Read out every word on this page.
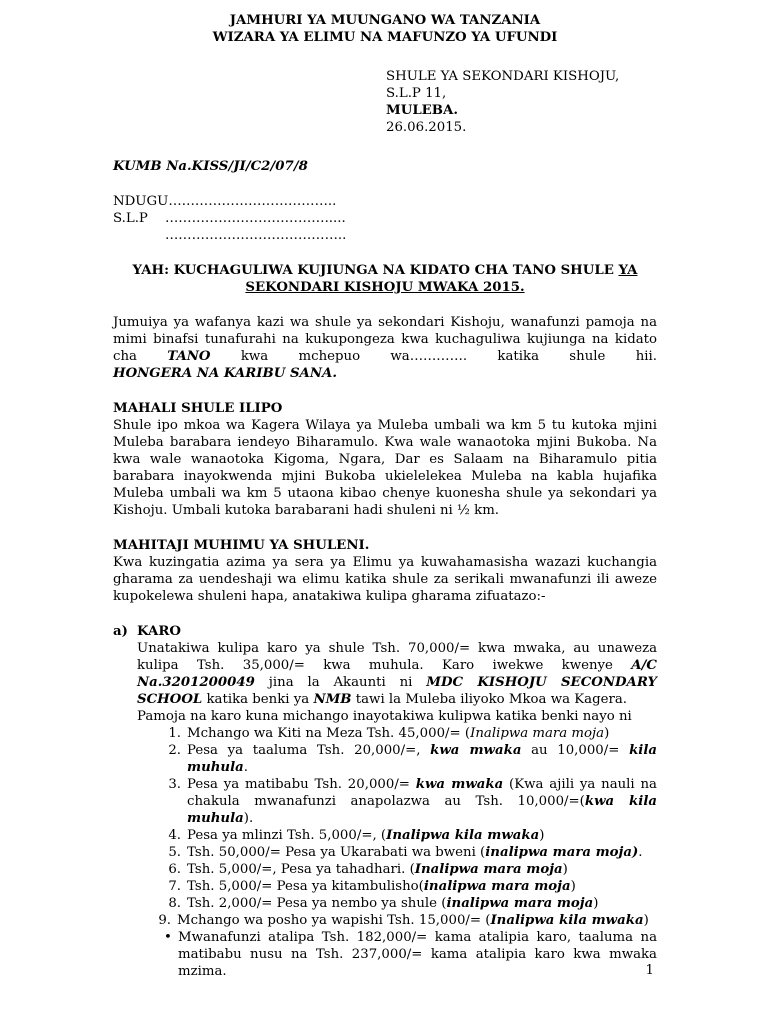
JAMHURI YA MUUNGANO WA TANZANIA
WIZARA YA ELIMU NA MAFUNZO YA UFUNDI
SHULE YA SEKONDARI KISHOJU,
S.L.P 11,
MULEBA.
26.06.2015.
KUMB Na.KISS/JI/C2/07/8
NDUGU………………………………..
S.L.P	……………………………….....
…………………………………..
YAH: KUCHAGULIWA KUJIUNGA NA KIDATO CHA TANO SHULE YA
SEKONDARI KISHOJU MWAKA 2015.

Jumuiya ya wafanya kazi wa shule ya sekondari Kishoju, wanafunzi pamoja na mimi binafsi tunafurahi na kukupongeza kwa kuchaguliwa kujiunga na kidato cha TANO kwa mchepuo wa…………. katika shule hii.

HONGERA NA KARIBU SANA.

MAHALI SHULE ILIPO
Shule ipo mkoa wa Kagera Wilaya ya Muleba umbali wa km 5 tu kutoka mjini Muleba barabara iendeyo Biharamulo. Kwa wale wanaotoka mjini Bukoba. Na kwa wale wanaotoka Kigoma, Ngara, Dar es Salaam na Biharamulo pitia barabara inayokwenda mjini Bukoba ukielelekea Muleba na kabla hujafika Muleba umbali wa km 5 utaona kibao chenye kuonesha shule ya sekondari ya Kishoju. Umbali kutoka barabarani hadi shuleni ni ½ km.
MAHITAJI MUHIMU YA SHULENI.
Kwa kuzingatia azima ya sera ya Elimu ya kuwahamasisha wazazi kuchangia gharama za uendeshaji wa elimu katika shule za serikali mwanafunzi ili aweze kupokelewa shuleni hapa, anatakiwa kulipa gharama zifuatazo:-
a) KARO
Unatakiwa kulipa karo ya shule Tsh. 70,000/= kwa mwaka, au unaweza kulipa Tsh. 35,000/= kwa muhula. Karo iwekwe kwenye A/C Na.3201200049 jina la Akaunti ni MDC KISHOJU SECONDARY SCHOOL katika benki ya NMB tawi la Muleba iliyoko Mkoa wa Kagera.
Pamoja na karo kuna michango inayotakiwa kulipwa katika benki nayo ni
1. Mchango wa Kiti na Meza Tsh. 45,000/= (Inalipwa mara moja)
2. Pesa ya taaluma Tsh. 20,000/=, kwa mwaka au 10,000/= kila muhula.
3. Pesa ya matibabu Tsh. 20,000/= kwa mwaka (Kwa ajili ya nauli na chakula mwanafunzi anapolazwa au Tsh. 10,000/=(kwa kila muhula).
4. Pesa ya mlinzi Tsh. 5,000/=, (Inalipwa kila mwaka)
5. Tsh. 50,000/= Pesa ya Ukarabati wa bweni (inalipwa mara moja).
6. Tsh. 5,000/=, Pesa ya tahadhari. (Inalipwa mara moja)
7. Tsh. 5,000/= Pesa ya kitambulisho(inalipwa mara moja)
8. Tsh. 2,000/= Pesa ya nembo ya shule (inalipwa mara moja)
9. Mchango wa posho ya wapishi Tsh. 15,000/= (Inalipwa kila mwaka)
• Mwanafunzi atalipa Tsh. 182,000/= kama atalipia karo, taaluma na matibabu nusu na Tsh. 237,000/= kama atalipia karo kwa mwaka mzima.	1
